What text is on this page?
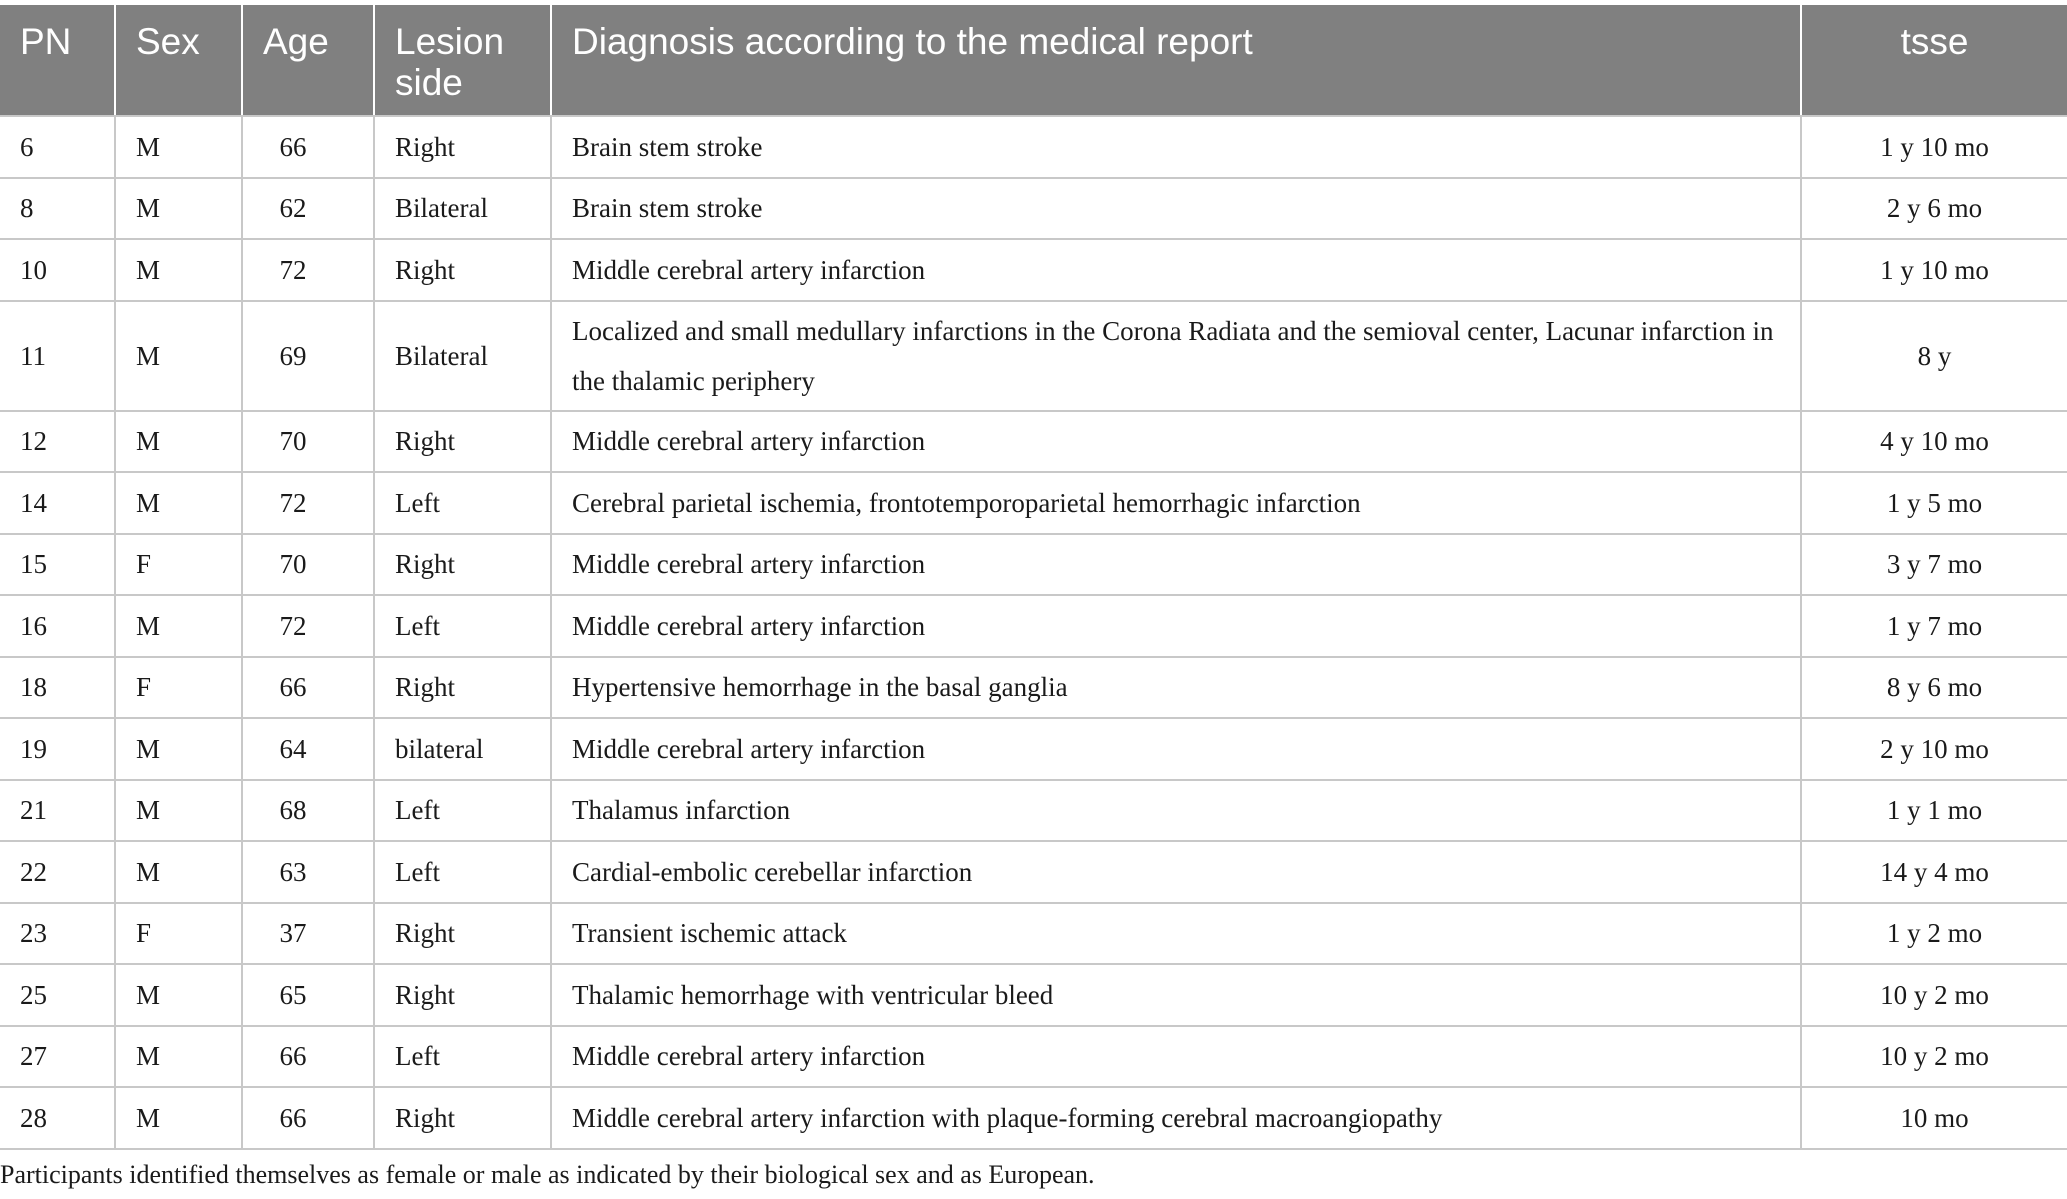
PN	Sex	Age	Lesion side	Diagnosis according to the medical report	tsse
6	M	66	Right	Brain stem stroke	1 y 10 mo
8	M	62	Bilateral	Brain stem stroke	2 y 6 mo
10	M	72	Right	Middle cerebral artery infarction	1 y 10 mo
11	M	69	Bilateral	Localized and small medullary infarctions in the Corona Radiata and the semioval center, Lacunar infarction in the thalamic periphery	8 y
12	M	70	Right	Middle cerebral artery infarction	4 y 10 mo
14	M	72	Left	Cerebral parietal ischemia, frontotemporoparietal hemorrhagic infarction	1 y 5 mo
15	F	70	Right	Middle cerebral artery infarction	3 y 7 mo
16	M	72	Left	Middle cerebral artery infarction	1 y 7 mo
18	F	66	Right	Hypertensive hemorrhage in the basal ganglia	8 y 6 mo
19	M	64	bilateral	Middle cerebral artery infarction	2 y 10 mo
21	M	68	Left	Thalamus infarction	1 y 1 mo
22	M	63	Left	Cardial-embolic cerebellar infarction	14 y 4 mo
23	F	37	Right	Transient ischemic attack	1 y 2 mo
25	M	65	Right	Thalamic hemorrhage with ventricular bleed	10 y 2 mo
27	M	66	Left	Middle cerebral artery infarction	10 y 2 mo
28	M	66	Right	Middle cerebral artery infarction with plaque-forming cerebral macroangiopathy	10 mo

Participants identified themselves as female or male as indicated by their biological sex and as European.
